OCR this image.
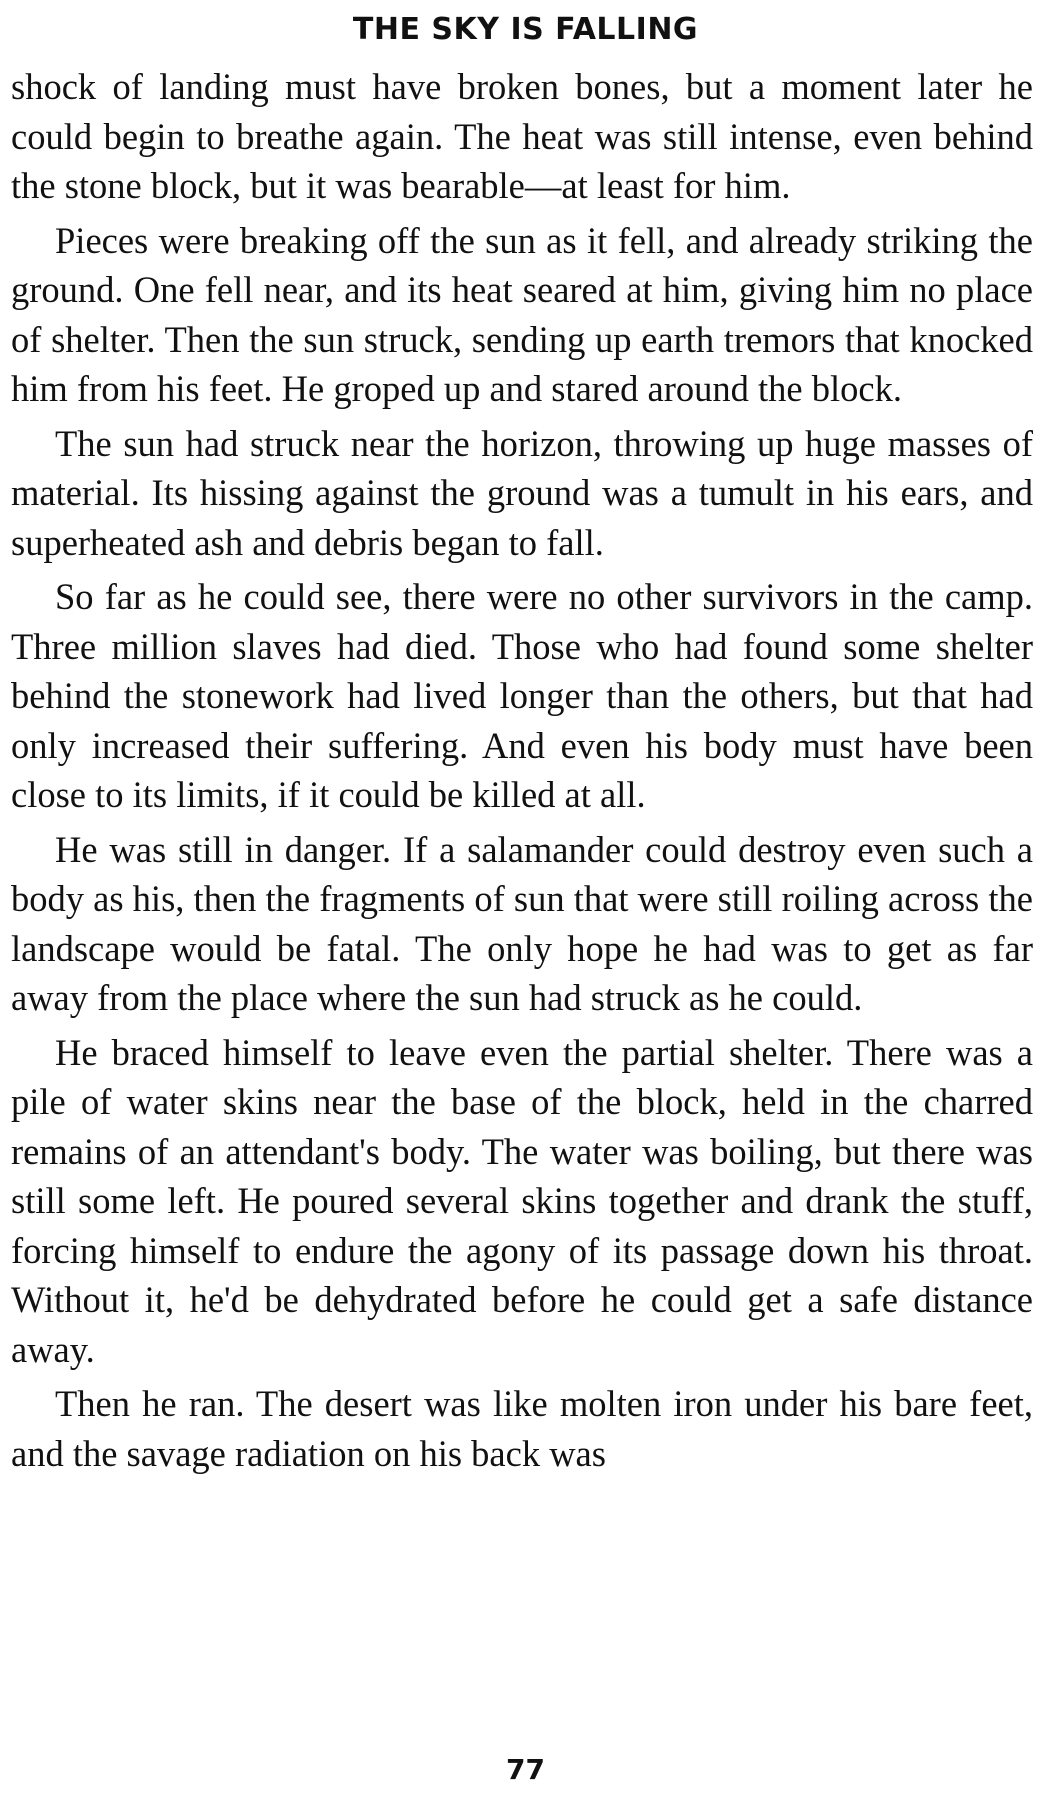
THE SKY IS FALLING

shock of landing must have broken bones, but a moment later he could begin to breathe again. The heat was still intense, even behind the stone block, but it was bearable—at least for him.

Pieces were breaking off the sun as it fell, and already striking the ground. One fell near, and its heat seared at him, giving him no place of shelter. Then the sun struck, sending up earth tremors that knocked him from his feet. He groped up and stared around the block.

The sun had struck near the horizon, throwing up huge masses of material. Its hissing against the ground was a tumult in his ears, and superheated ash and debris began to fall.

So far as he could see, there were no other survivors in the camp. Three million slaves had died. Those who had found some shelter behind the stonework had lived longer than the others, but that had only increased their suffering. And even his body must have been close to its limits, if it could be killed at all.

He was still in danger. If a salamander could destroy even such a body as his, then the fragments of sun that were still roiling across the landscape would be fatal. The only hope he had was to get as far away from the place where the sun had struck as he could.

He braced himself to leave even the partial shelter. There was a pile of water skins near the base of the block, held in the charred remains of an attendant's body. The water was boiling, but there was still some left. He poured several skins together and drank the stuff, forcing himself to endure the agony of its passage down his throat. Without it, he'd be dehydrated before he could get a safe distance away.

Then he ran. The desert was like molten iron under his bare feet, and the savage radiation on his back was

77
